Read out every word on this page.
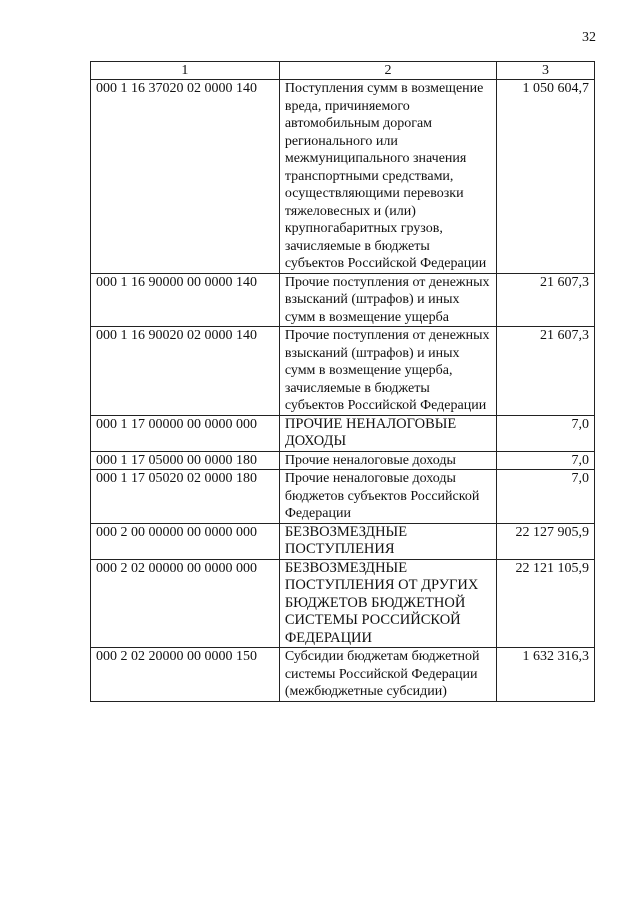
32
1	2	3
000 1 16 37020 02 0000 140	Поступления сумм в возмещение вреда, причиняемого автомобильным дорогам регионального или межмуниципального значения транспортными средствами, осуществляющими перевозки тяжеловесных и (или) крупногабаритных грузов, зачисляемые в бюджеты субъектов Российской Федерации	1 050 604,7
000 1 16 90000 00 0000 140	Прочие поступления от денежных взысканий (штрафов) и иных сумм в возмещение ущерба	21 607,3
000 1 16 90020 02 0000 140	Прочие поступления от денежных взысканий (штрафов) и иных сумм в возмещение ущерба, зачисляемые в бюджеты субъектов Российской Федерации	21 607,3
000 1 17 00000 00 0000 000	ПРОЧИЕ НЕНАЛОГОВЫЕ ДОХОДЫ	7,0
000 1 17 05000 00 0000 180	Прочие неналоговые доходы	7,0
000 1 17 05020 02 0000 180	Прочие неналоговые доходы бюджетов субъектов Российской Федерации	7,0
000 2 00 00000 00 0000 000	БЕЗВОЗМЕЗДНЫЕ ПОСТУПЛЕНИЯ	22 127 905,9
000 2 02 00000 00 0000 000	БЕЗВОЗМЕЗДНЫЕ ПОСТУПЛЕНИЯ ОТ ДРУГИХ БЮДЖЕТОВ БЮДЖЕТНОЙ СИСТЕМЫ РОССИЙСКОЙ ФЕДЕРАЦИИ	22 121 105,9
000 2 02 20000 00 0000 150	Субсидии бюджетам бюджетной системы Российской Федерации (межбюджетные субсидии)	1 632 316,3
